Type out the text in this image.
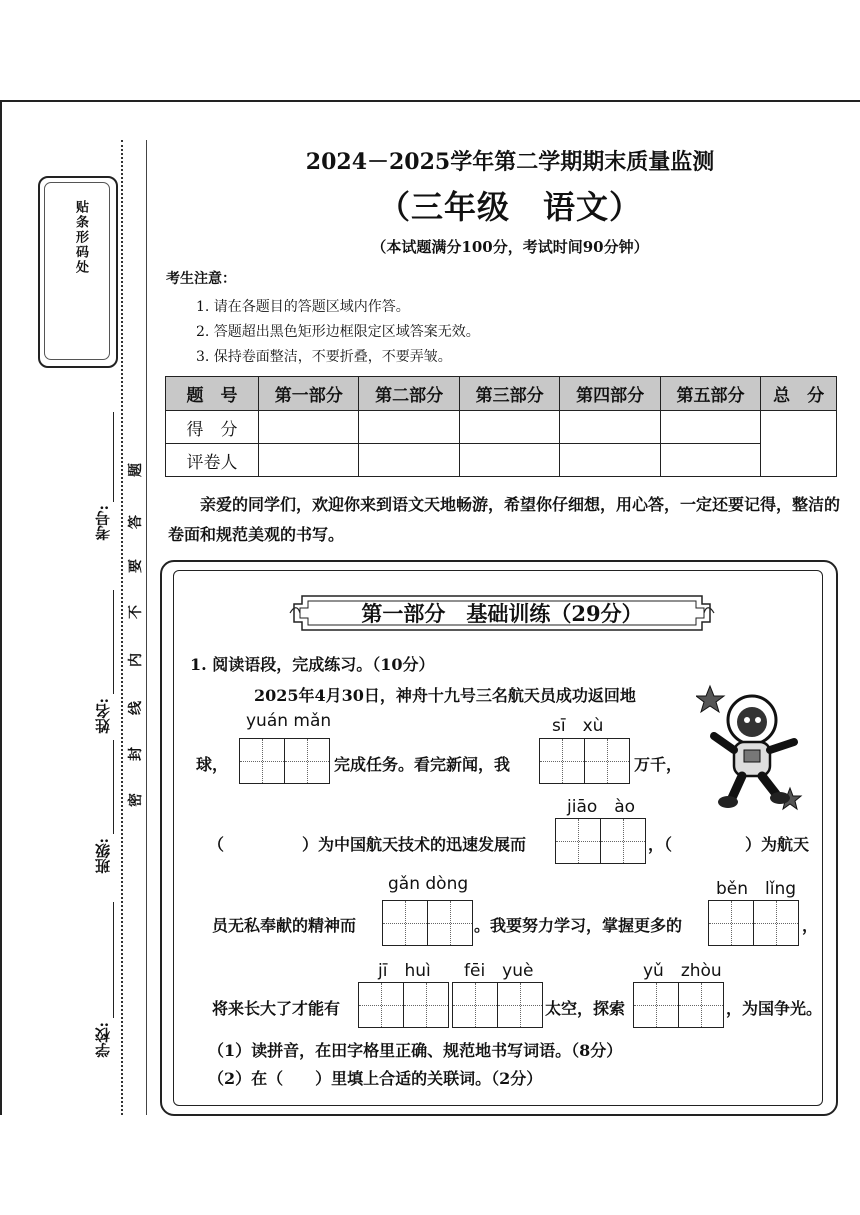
贴条形码处
考号:
姓名:
班级:
学校:
题
答
要
不
内
线
封
密
2024－2025学年第二学期期末质量监测
（三年级　语文）
（本试题满分100分，考试时间90分钟）
考生注意：
1. 请在各题目的答题区域内作答。
2. 答题超出黑色矩形边框限定区域答案无效。
3. 保持卷面整洁，不要折叠，不要弄皱。
题　号	第一部分	第二部分	第三部分	第四部分	第五部分	总　分
得　分						
评卷人						
亲爱的同学们，欢迎你来到语文天地畅游，希望你仔细想，用心答，一定还要记得，整洁的卷面和规范美观的书写。
第一部分　基础训练（29分）
1. 阅读语段，完成练习。（10分）
2025年4月30日，神舟十九号三名航天员成功返回地
yuán mǎn	sī　xù
球，	完成任务。看完新闻，我	万千，
jiāo　ào
（	）为中国航天技术的迅速发展而	，（	）为航天
gǎn dòng	běn　lǐng
员无私奉献的精神而	。我要努力学习，掌握更多的	，
jī　huì fēi　yuè	yǔ　zhòu
将来长大了才能有	太空，探索	，为国争光。
（1）读拼音，在田字格里正确、规范地书写词语。（8分）
（2）在（　　）里填上合适的关联词。（2分）
